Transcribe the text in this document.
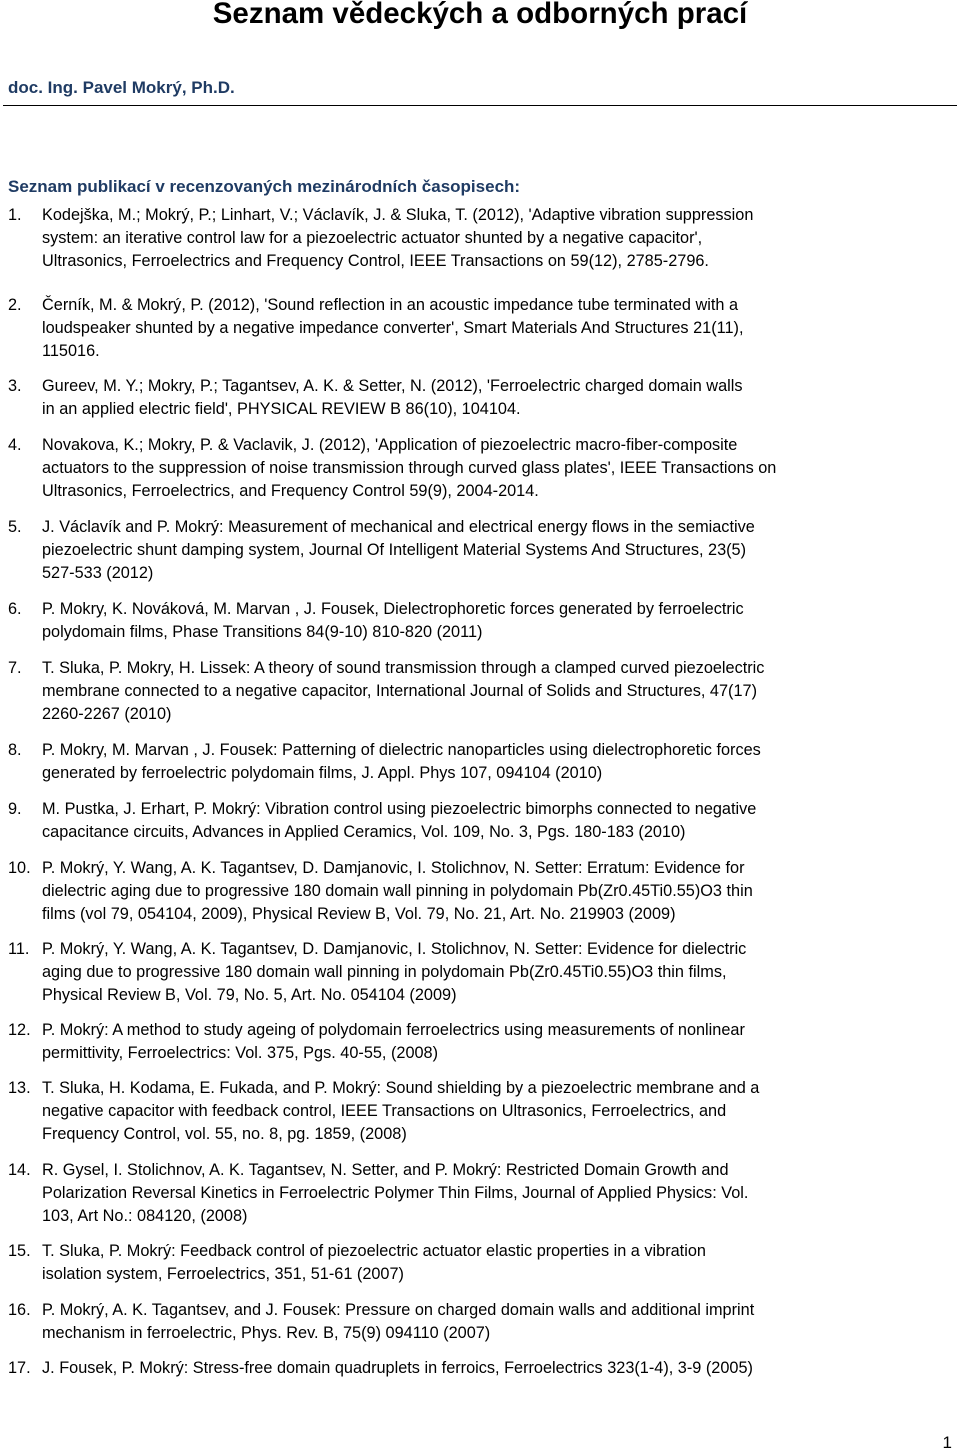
Seznam vědeckých a odborných prací
doc. Ing. Pavel Mokrý, Ph.D.
Seznam publikací v recenzovaných mezinárodních časopisech:
1.	Kodejška, M.; Mokrý, P.; Linhart, V.; Václavík, J. & Sluka, T. (2012), 'Adaptive vibration suppression
system: an iterative control law for a piezoelectric actuator shunted by a negative capacitor',
Ultrasonics, Ferroelectrics and Frequency Control, IEEE Transactions on 59(12), 2785-2796.
2.	Černík, M. & Mokrý, P. (2012), 'Sound reflection in an acoustic impedance tube terminated with a
loudspeaker shunted by a negative impedance converter', Smart Materials And Structures 21(11),
115016.
3.	Gureev, M. Y.; Mokry, P.; Tagantsev, A. K. & Setter, N. (2012), 'Ferroelectric charged domain walls
in an applied electric field', PHYSICAL REVIEW B 86(10), 104104.
4.	Novakova, K.; Mokry, P. & Vaclavik, J. (2012), 'Application of piezoelectric macro-fiber-composite
actuators to the suppression of noise transmission through curved glass plates', IEEE Transactions on
Ultrasonics, Ferroelectrics, and Frequency Control 59(9), 2004-2014.
5.	J. Václavík and P. Mokrý: Measurement of mechanical and electrical energy flows in the semiactive
piezoelectric shunt damping system, Journal Of Intelligent Material Systems And Structures, 23(5)
527-533 (2012)
6.	P. Mokry, K. Nováková, M. Marvan , J. Fousek, Dielectrophoretic forces generated by ferroelectric
polydomain films, Phase Transitions 84(9-10) 810-820 (2011)
7.	T. Sluka, P. Mokry, H. Lissek: A theory of sound transmission through a clamped curved piezoelectric
membrane connected to a negative capacitor, International Journal of Solids and Structures, 47(17)
2260-2267 (2010)
8.	P. Mokry, M. Marvan , J. Fousek: Patterning of dielectric nanoparticles using dielectrophoretic forces
generated by ferroelectric polydomain films, J. Appl. Phys 107, 094104 (2010)
9.	M. Pustka, J. Erhart, P. Mokrý: Vibration control using piezoelectric bimorphs connected to negative
capacitance circuits, Advances in Applied Ceramics, Vol. 109, No. 3, Pgs. 180-183 (2010)
10. P. Mokrý, Y. Wang, A. K. Tagantsev, D. Damjanovic, I. Stolichnov, N. Setter: Erratum: Evidence for
dielectric aging due to progressive 180 domain wall pinning in polydomain Pb(Zr0.45Ti0.55)O3 thin
films (vol 79, 054104, 2009), Physical Review B, Vol. 79, No. 21, Art. No. 219903 (2009)
11. P. Mokrý, Y. Wang, A. K. Tagantsev, D. Damjanovic, I. Stolichnov, N. Setter: Evidence for dielectric
aging due to progressive 180 domain wall pinning in polydomain Pb(Zr0.45Ti0.55)O3 thin films,
Physical Review B, Vol. 79, No. 5, Art. No. 054104 (2009)
12. P. Mokrý: A method to study ageing of polydomain ferroelectrics using measurements of nonlinear
permittivity, Ferroelectrics: Vol. 375, Pgs. 40-55, (2008)
13. T. Sluka, H. Kodama, E. Fukada, and P. Mokrý: Sound shielding by a piezoelectric membrane and a
negative capacitor with feedback control, IEEE Transactions on Ultrasonics, Ferroelectrics, and
Frequency Control, vol. 55, no. 8, pg. 1859, (2008)
14. R. Gysel, I. Stolichnov, A. K. Tagantsev, N. Setter, and P. Mokrý: Restricted Domain Growth and
Polarization Reversal Kinetics in Ferroelectric Polymer Thin Films, Journal of Applied Physics: Vol.
103, Art No.: 084120, (2008)
15. T. Sluka, P. Mokrý: Feedback control of piezoelectric actuator elastic properties in a vibration
isolation system, Ferroelectrics, 351, 51-61 (2007)
16. P. Mokrý, A. K. Tagantsev, and J. Fousek: Pressure on charged domain walls and additional imprint
mechanism in ferroelectric, Phys. Rev. B, 75(9) 094110 (2007)
17. J. Fousek, P. Mokrý: Stress-free domain quadruplets in ferroics, Ferroelectrics 323(1-4), 3-9 (2005)
1
